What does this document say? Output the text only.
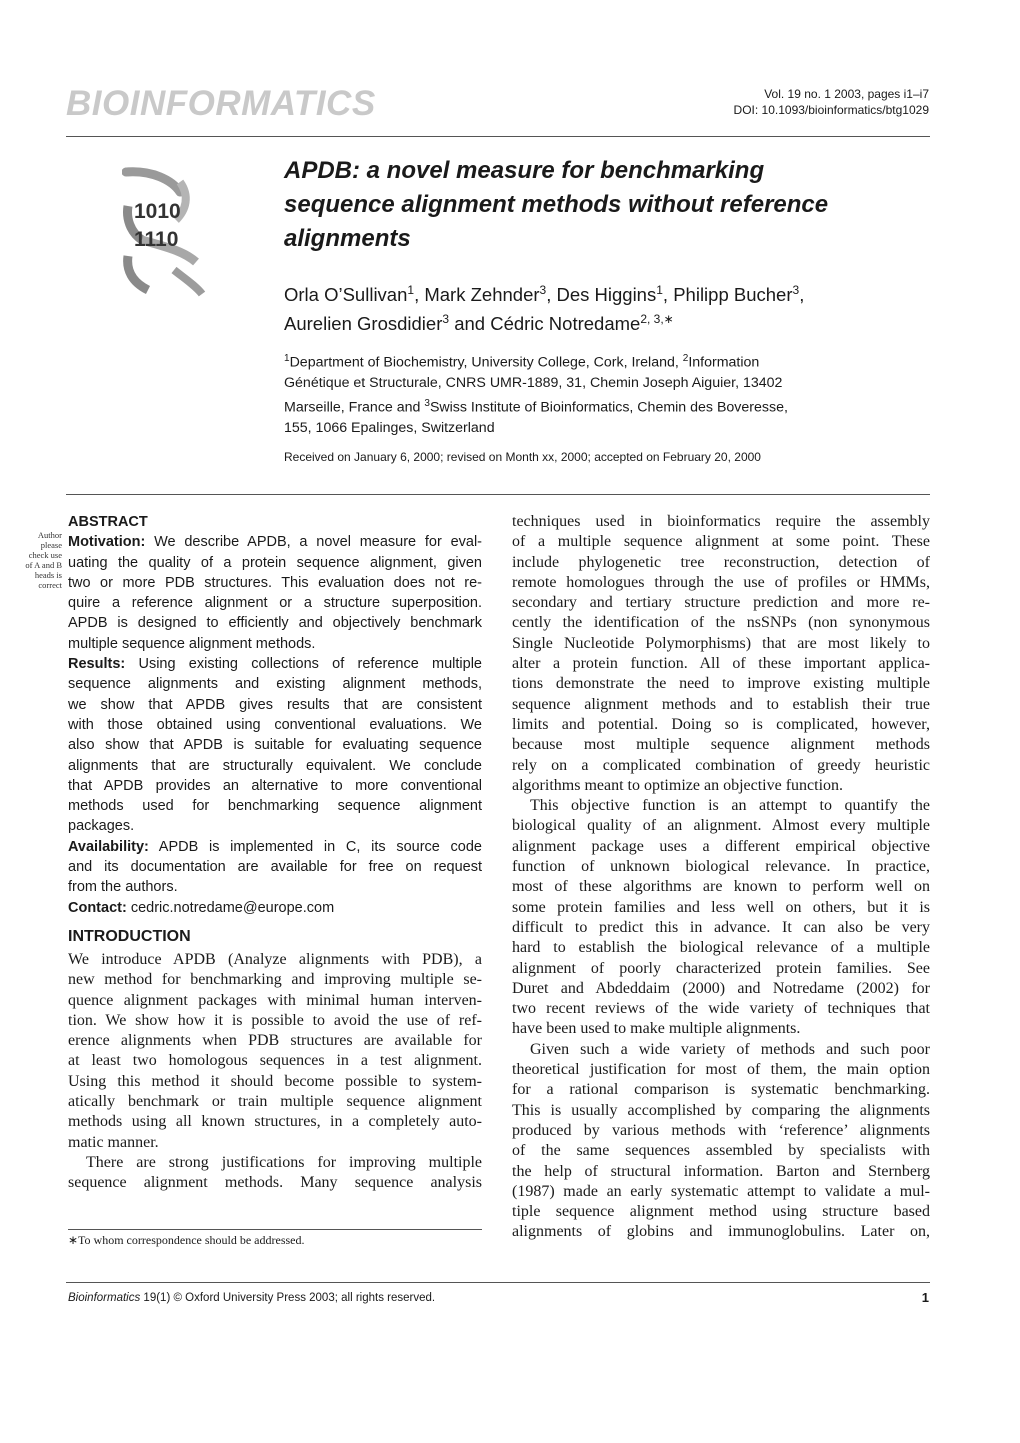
BIOINFORMATICS	Vol. 19 no. 1 2003, pages i1–i7
DOI: 10.1093/bioinformatics/btg1029
1010
1110
APDB: a novel measure for benchmarking
sequence alignment methods without reference
alignments
Orla O’Sullivan$^1$, Mark Zehnder$^3$, Des Higgins$^1$, Philipp Bucher$^3$,
Aurelien Grosdidier$^3$ and Cédric Notredame$^{2, 3,∗}$
$^1$Department of Biochemistry, University College, Cork, Ireland, $^2$Information
Génétique et Structurale, CNRS UMR-1889, 31, Chemin Joseph Aiguier, 13402
Marseille, France and $^3$Swiss Institute of Bioinformatics, Chemin des Boveresse,
155, 1066 Epalinges, Switzerland
Received on January 6, 2000; revised on Month xx, 2000; accepted on February 20, 2000
Author
please
check use
of A and B
heads is
correct
ABSTRACT
Motivation: We describe APDB, a novel measure for eval-
uating the quality of a protein sequence alignment, given
two or more PDB structures. This evaluation does not re-
quire a reference alignment or a structure superposition.
APDB is designed to efficiently and objectively benchmark
multiple sequence alignment methods.
Results: Using existing collections of reference multiple
sequence alignments and existing alignment methods,
we show that APDB gives results that are consistent
with those obtained using conventional evaluations. We
also show that APDB is suitable for evaluating sequence
alignments that are structurally equivalent. We conclude
that APDB provides an alternative to more conventional
methods used for benchmarking sequence alignment
packages.
Availability: APDB is implemented in C, its source code
and its documentation are available for free on request
from the authors.
Contact: cedric.notredame@europe.com
INTRODUCTION
We introduce APDB (Analyze alignments with PDB), a
new method for benchmarking and improving multiple se-
quence alignment packages with minimal human interven-
tion. We show how it is possible to avoid the use of ref-
erence alignments when PDB structures are available for
at least two homologous sequences in a test alignment.
Using this method it should become possible to system-
atically benchmark or train multiple sequence alignment
methods using all known structures, in a completely auto-
matic manner.
There are strong justifications for improving multiple
sequence alignment methods. Many sequence analysis
∗To whom correspondence should be addressed.
techniques used in bioinformatics require the assembly
of a multiple sequence alignment at some point. These
include phylogenetic tree reconstruction, detection of
remote homologues through the use of profiles or HMMs,
secondary and tertiary structure prediction and more re-
cently the identification of the nsSNPs (non synonymous
Single Nucleotide Polymorphisms) that are most likely to
alter a protein function. All of these important applica-
tions demonstrate the need to improve existing multiple
sequence alignment methods and to establish their true
limits and potential. Doing so is complicated, however,
because most multiple sequence alignment methods
rely on a complicated combination of greedy heuristic
algorithms meant to optimize an objective function.
This objective function is an attempt to quantify the
biological quality of an alignment. Almost every multiple
alignment package uses a different empirical objective
function of unknown biological relevance. In practice,
most of these algorithms are known to perform well on
some protein families and less well on others, but it is
difficult to predict this in advance. It can also be very
hard to establish the biological relevance of a multiple
alignment of poorly characterized protein families. See
Duret and Abdeddaim (2000) and Notredame (2002) for
two recent reviews of the wide variety of techniques that
have been used to make multiple alignments.
Given such a wide variety of methods and such poor
theoretical justification for most of them, the main option
for a rational comparison is systematic benchmarking.
This is usually accomplished by comparing the alignments
produced by various methods with ‘reference’ alignments
of the same sequences assembled by specialists with
the help of structural information. Barton and Sternberg
(1987) made an early systematic attempt to validate a mul-
tiple sequence alignment method using structure based
alignments of globins and immunoglobulins. Later on,
Bioinformatics 19(1) © Oxford University Press 2003; all rights reserved.	1
